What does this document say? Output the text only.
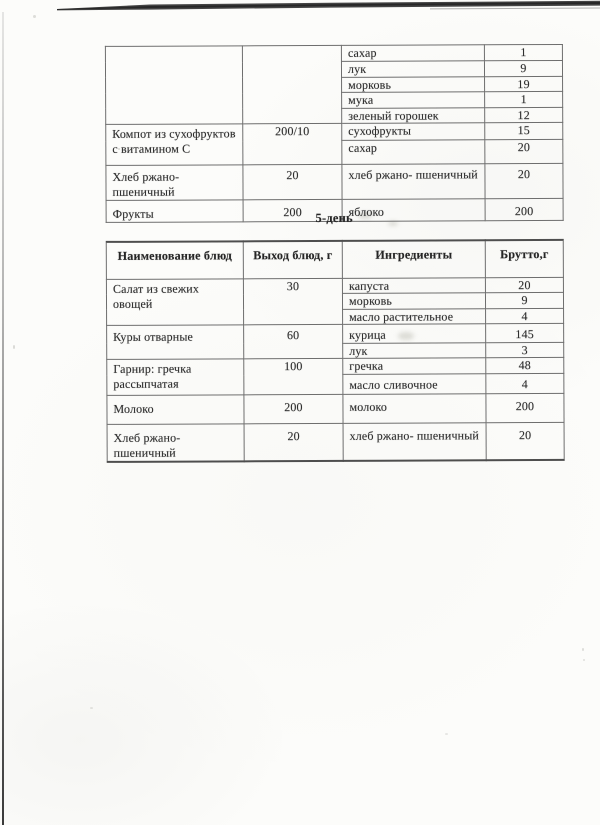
		сахар	1
		лук	9
		морковь	19
		мука	1
		зеленый горошек	12
Компот из сухофруктов с витамином С	200/10	сухофрукты	15
		сахар	20
Хлеб ржано- пшеничный	20	хлеб ржано- пшеничный	20
Фрукты	200	яблоко	200
5-день
Наименование блюд	Выход блюд, г	Ингредиенты	Брутто,г
Салат из свежих овощей	30	капуста	20
		морковь	9
		масло растительное	4
Куры отварные	60	курица	145
		лук	3
Гарнир: гречка рассыпчатая	100	гречка	48
		масло сливочное	4
Молоко	200	молоко	200
Хлеб ржано- пшеничный	20	хлеб ржано- пшеничный	20
